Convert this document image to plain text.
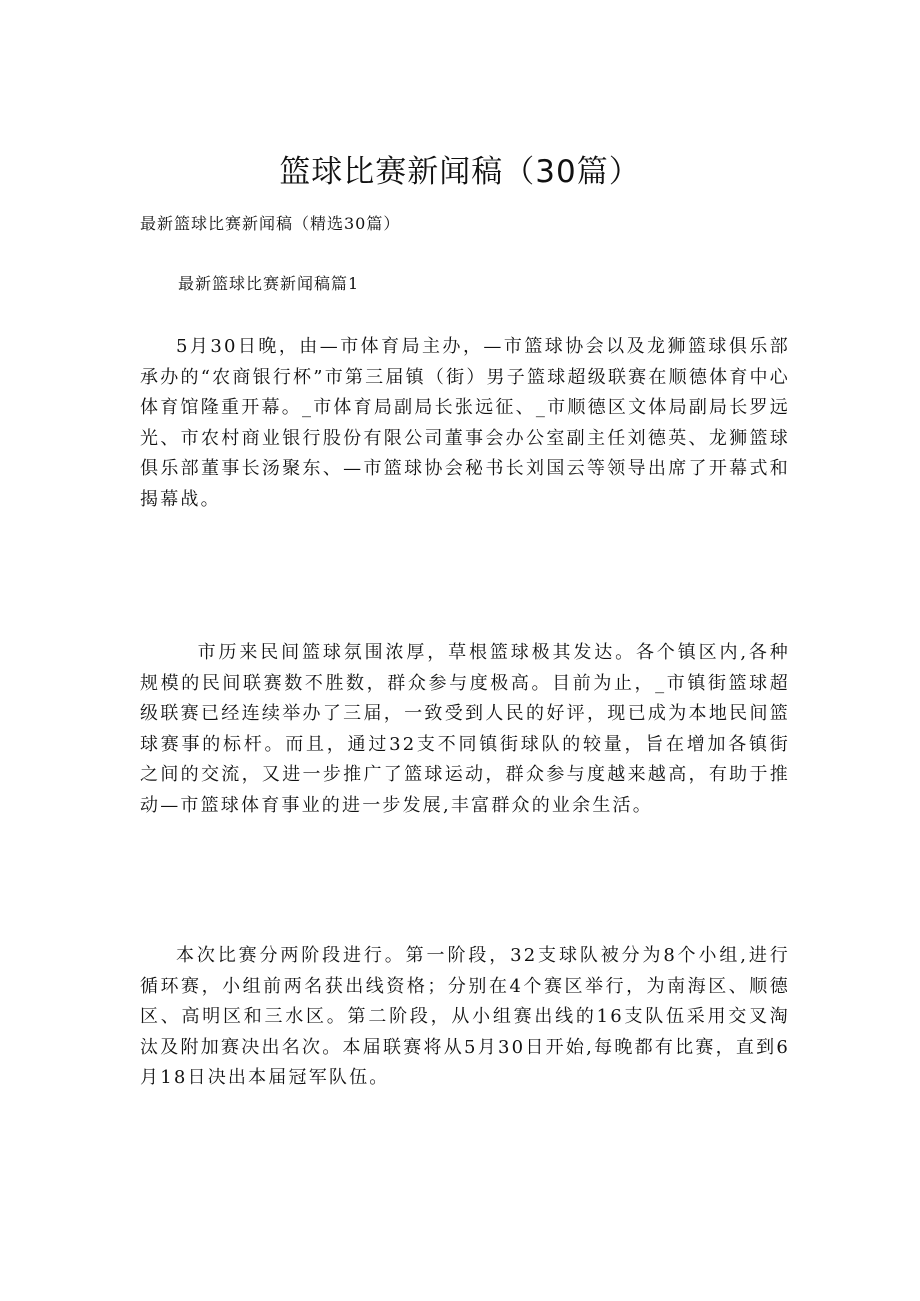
篮球比赛新闻稿（30篇）

最新篮球比赛新闻稿（精选30篇）

最新篮球比赛新闻稿篇1

5月30日晚，由—市体育局主办，—市篮球协会以及龙狮篮球俱乐部承办的“农商银行杯”市第三届镇（街）男子篮球超级联赛在顺德体育中心体育馆隆重开幕。_市体育局副局长张远征、_市顺德区文体局副局长罗远光、市农村商业银行股份有限公司董事会办公室副主任刘德英、龙狮篮球俱乐部董事长汤聚东、—市篮球协会秘书长刘国云等领导出席了开幕式和揭幕战。

市历来民间篮球氛围浓厚，草根篮球极其发达。各个镇区内,各种规模的民间联赛数不胜数，群众参与度极高。目前为止，_市镇街篮球超级联赛已经连续举办了三届，一致受到人民的好评，现已成为本地民间篮球赛事的标杆。而且，通过32支不同镇街球队的较量，旨在增加各镇街之间的交流，又进一步推广了篮球运动，群众参与度越来越高，有助于推动—市篮球体育事业的进一步发展,丰富群众的业余生活。

本次比赛分两阶段进行。第一阶段，32支球队被分为8个小组,进行循环赛，小组前两名获出线资格；分别在4个赛区举行，为南海区、顺德区、高明区和三水区。第二阶段，从小组赛出线的16支队伍采用交叉淘汰及附加赛决出名次。本届联赛将从5月30日开始,每晚都有比赛，直到6月18日决出本届冠军队伍。
